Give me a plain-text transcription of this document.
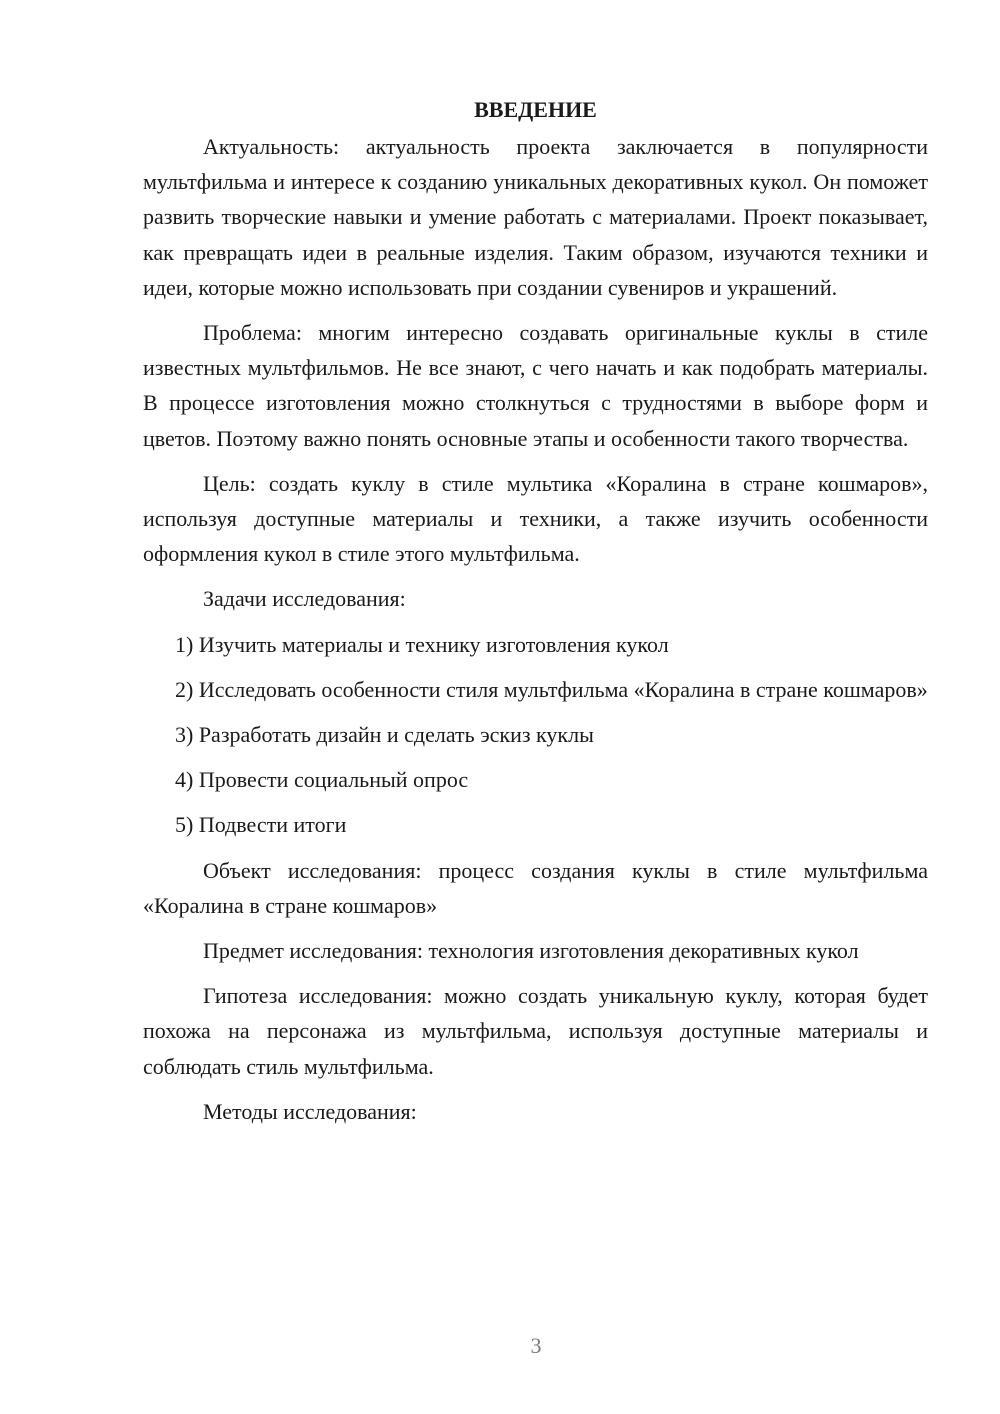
ВВЕДЕНИЕ

Актуальность: актуальность проекта заключается в популярности мультфильма и интересе к созданию уникальных декоративных кукол. Он поможет развить творческие навыки и умение работать с материалами. Проект показывает, как превращать идеи в реальные изделия. Таким образом, изучаются техники и идеи, которые можно использовать при создании сувениров и украшений.

Проблема: многим интересно создавать оригинальные куклы в стиле известных мультфильмов. Не все знают, с чего начать и как подобрать материалы. В процессе изготовления можно столкнуться с трудностями в выборе форм и цветов. Поэтому важно понять основные этапы и особенности такого творчества.

Цель: создать куклу в стиле мультика «Коралина в стране кошмаров», используя доступные материалы и техники, а также изучить особенности оформления кукол в стиле этого мультфильма.

Задачи исследования:

1) Изучить материалы и технику изготовления кукол

2) Исследовать особенности стиля мультфильма «Коралина в стране кошмаров»

3) Разработать дизайн и сделать эскиз куклы

4) Провести социальный опрос

5) Подвести итоги

Объект исследования: процесс создания куклы в стиле мультфильма «Коралина в стране кошмаров»

Предмет исследования: технология изготовления декоративных кукол

Гипотеза исследования: можно создать уникальную куклу, которая будет похожа на персонажа из мультфильма, используя доступные материалы и соблюдать стиль мультфильма.

Методы исследования:

3
